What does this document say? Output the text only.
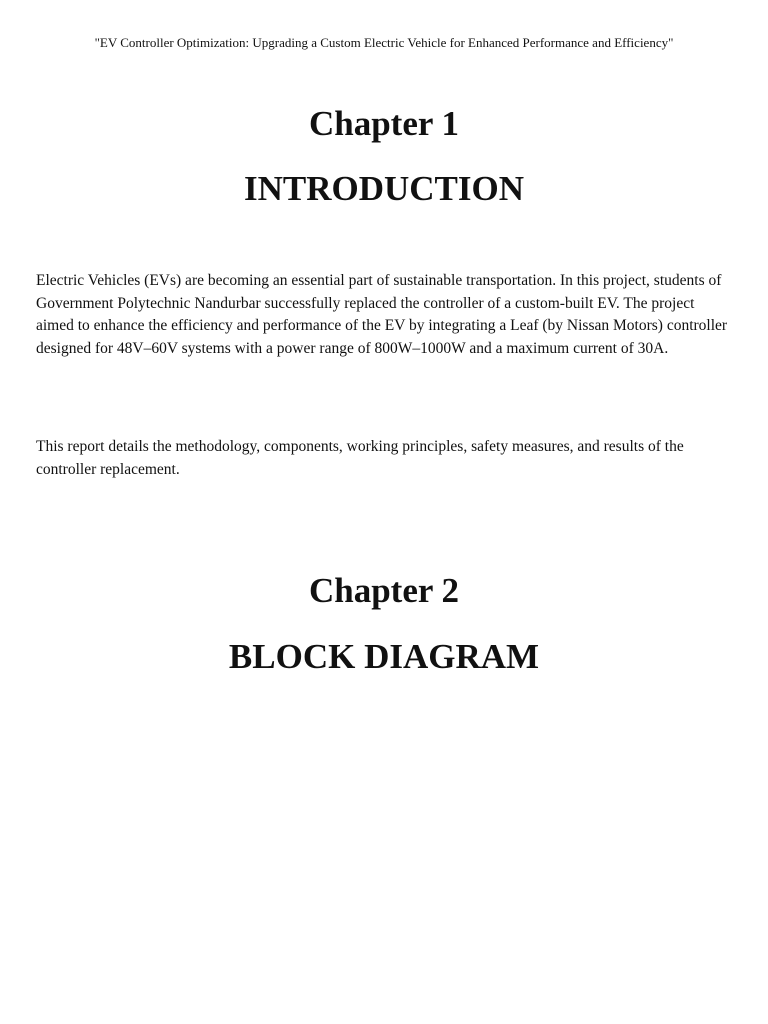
"EV Controller Optimization: Upgrading a Custom Electric Vehicle for Enhanced Performance and Efficiency"
Chapter 1
INTRODUCTION

Electric Vehicles (EVs) are becoming an essential part of sustainable transportation. In this project, students of Government Polytechnic Nandurbar successfully replaced the controller of a custom-built EV. The project aimed to enhance the efficiency and performance of the EV by integrating a Leaf (by Nissan Motors) controller designed for 48V–60V systems with a power range of 800W–1000W and a maximum current of 30A.

This report details the methodology, components, working principles, safety measures, and results of the controller replacement.

Chapter 2
BLOCK DIAGRAM
